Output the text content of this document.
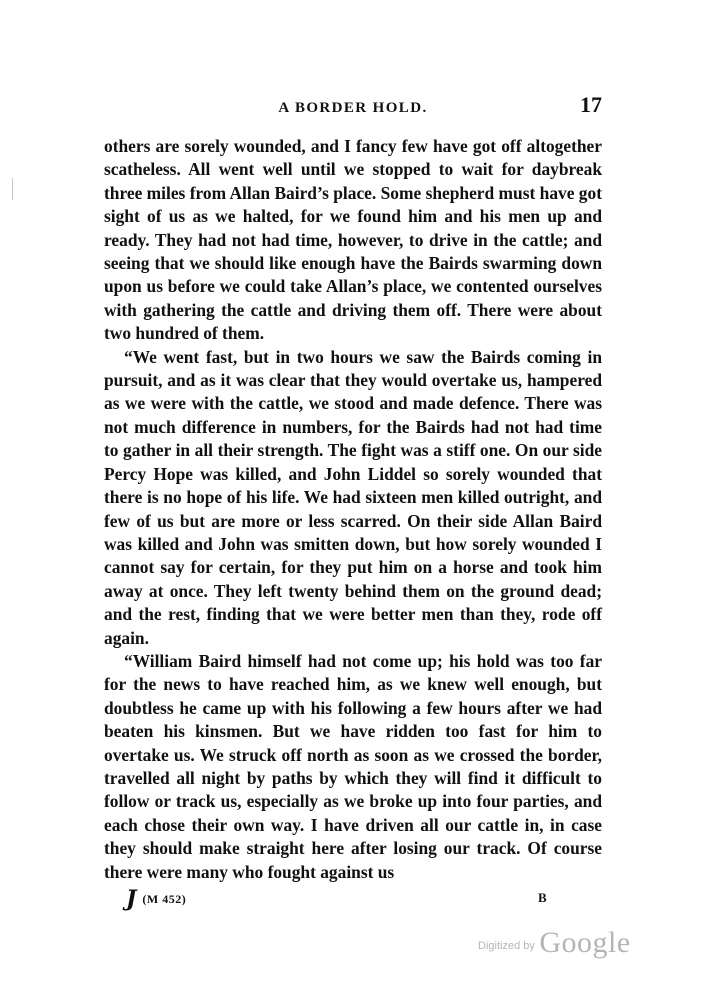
A BORDER HOLD.	17

others are sorely wounded, and I fancy few have got off altogether scatheless. All went well until we stopped to wait for daybreak three miles from Allan Baird’s place. Some shepherd must have got sight of us as we halted, for we found him and his men up and ready. They had not had time, however, to drive in the cattle; and seeing that we should like enough have the Bairds swarming down upon us before we could take Allan’s place, we contented ourselves with gathering the cattle and driving them off. There were about two hundred of them.

“We went fast, but in two hours we saw the Bairds coming in pursuit, and as it was clear that they would overtake us, hampered as we were with the cattle, we stood and made defence. There was not much difference in numbers, for the Bairds had not had time to gather in all their strength. The fight was a stiff one. On our side Percy Hope was killed, and John Liddel so sorely wounded that there is no hope of his life. We had sixteen men killed outright, and few of us but are more or less scarred. On their side Allan Baird was killed and John was smitten down, but how sorely wounded I cannot say for certain, for they put him on a horse and took him away at once. They left twenty behind them on the ground dead; and the rest, finding that we were better men than they, rode off again.

“William Baird himself had not come up; his hold was too far for the news to have reached him, as we knew well enough, but doubtless he came up with his following a few hours after we had beaten his kinsmen. But we have ridden too fast for him to overtake us. We struck off north as soon as we crossed the border, travelled all night by paths by which they will find it difficult to follow or track us, especially as we broke up into four parties, and each chose their own way. I have driven all our cattle in, in case they should make straight here after losing our track. Of course there were many who fought against us

J (M 452)	B
Digitized by Google
